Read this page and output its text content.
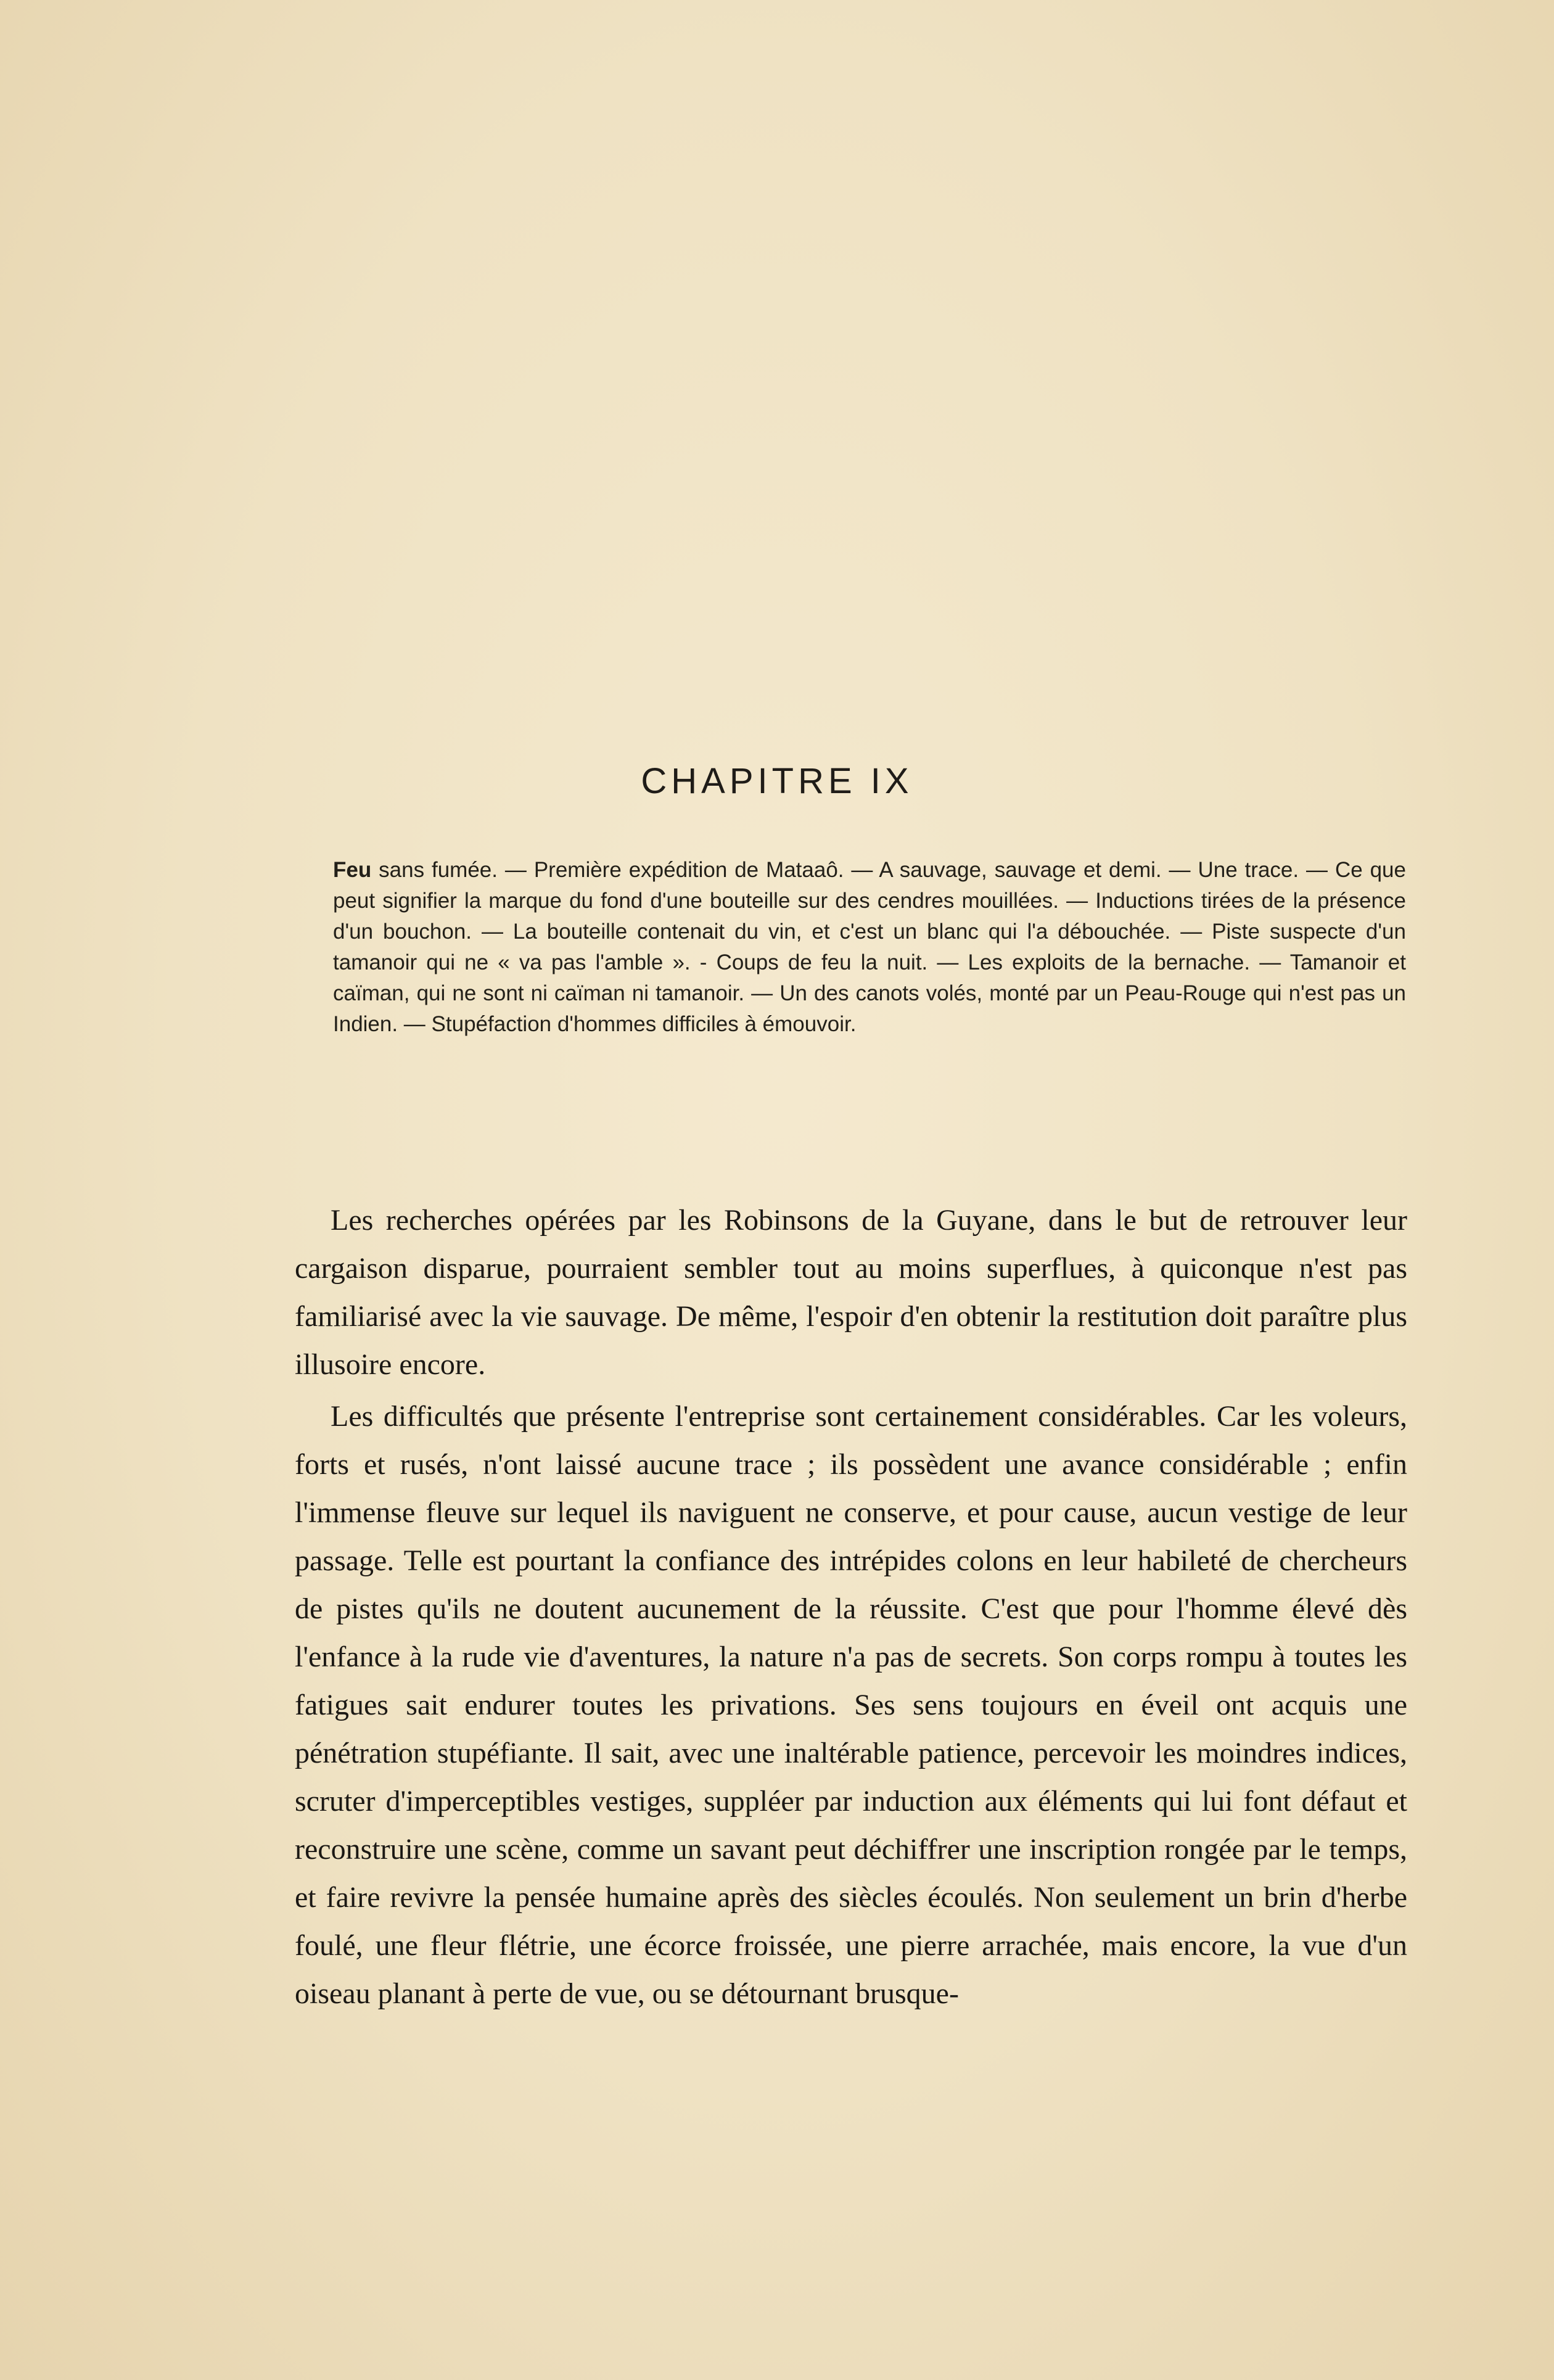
CHAPITRE IX

Feu sans fumée. — Première expédition de Mataaô. — A sauvage, sauvage et demi. — Une trace. — Ce que peut signifier la marque du fond d'une bouteille sur des cendres mouillées. — Inductions tirées de la présence d'un bouchon. — La bouteille contenait du vin, et c'est un blanc qui l'a débouchée. — Piste suspecte d'un tamanoir qui ne « va pas l'amble ». - Coups de feu la nuit. — Les exploits de la bernache. — Tamanoir et caïman, qui ne sont ni caïman ni tamanoir. — Un des canots volés, monté par un Peau-Rouge qui n'est pas un Indien. — Stupéfaction d'hommes difficiles à émouvoir.

Les recherches opérées par les Robinsons de la Guyane, dans le but de retrouver leur cargaison disparue, pourraient sembler tout au moins superflues, à quiconque n'est pas familiarisé avec la vie sauvage. De même, l'espoir d'en obtenir la restitution doit paraître plus illusoire encore.

Les difficultés que présente l'entreprise sont certainement considérables. Car les voleurs, forts et rusés, n'ont laissé aucune trace ; ils possèdent une avance considérable ; enfin l'immense fleuve sur lequel ils naviguent ne conserve, et pour cause, aucun vestige de leur passage. Telle est pourtant la confiance des intrépides colons en leur habileté de chercheurs de pistes qu'ils ne doutent aucunement de la réussite. C'est que pour l'homme élevé dès l'enfance à la rude vie d'aventures, la nature n'a pas de secrets. Son corps rompu à toutes les fatigues sait endurer toutes les privations. Ses sens toujours en éveil ont acquis une pénétration stupéfiante. Il sait, avec une inaltérable patience, percevoir les moindres indices, scruter d'imperceptibles vestiges, suppléer par induction aux éléments qui lui font défaut et reconstruire une scène, comme un savant peut déchiffrer une inscription rongée par le temps, et faire revivre la pensée humaine après des siècles écoulés. Non seulement un brin d'herbe foulé, une fleur flétrie, une écorce froissée, une pierre arrachée, mais encore, la vue d'un oiseau planant à perte de vue, ou se détournant brusque-
